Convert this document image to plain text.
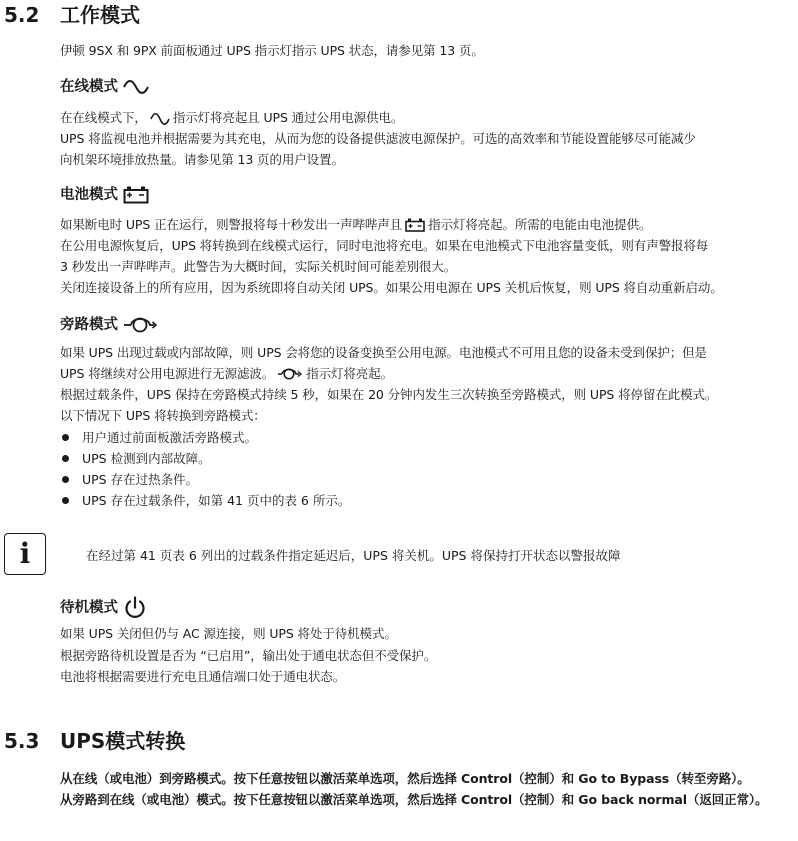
5.2 工作模式

伊顿 9SX 和 9PX 前面板通过 UPS 指示灯指示 UPS 状态，请参见第 13 页。

在线模式

在在线模式下， 指示灯将亮起且 UPS 通过公用电源供电。

UPS 将监视电池并根据需要为其充电，从而为您的设备提供滤波电源保护。可选的高效率和节能设置能够尽可能减少

向机架环境排放热量。请参见第 13 页的用户设置。

电池模式

如果断电时 UPS 正在运行，则警报将每十秒发出一声哔哔声且 指示灯将亮起。所需的电能由电池提供。

在公用电源恢复后，UPS 将转换到在线模式运行，同时电池将充电。如果在电池模式下电池容量变低，则有声警报将每

3 秒发出一声哔哔声。此警告为大概时间，实际关机时间可能差别很大。

关闭连接设备上的所有应用，因为系统即将自动关闭 UPS。如果公用电源在 UPS 关机后恢复，则 UPS 将自动重新启动。

旁路模式

如果 UPS 出现过载或内部故障，则 UPS 会将您的设备变换至公用电源。电池模式不可用且您的设备未受到保护；但是

UPS 将继续对公用电源进行无源滤波。	指示灯将亮起。

根据过载条件，UPS 保持在旁路模式持续 5 秒，如果在 20 分钟内发生三次转换至旁路模式，则 UPS 将停留在此模式。

以下情况下 UPS 将转换到旁路模式：

用户通过前面板激活旁路模式。
UPS 检测到内部故障。
UPS 存在过热条件。
UPS 存在过载条件，如第 41 页中的表 6 所示。
i	在经过第 41 页表 6 列出的过载条件指定延迟后，UPS 将关机。UPS 将保持打开状态以警报故障

待机模式

如果 UPS 关闭但仍与 AC 源连接，则 UPS 将处于待机模式。

根据旁路待机设置是否为 “已启用”，输出处于通电状态但不受保护。

电池将根据需要进行充电且通信端口处于通电状态。

5.3 UPS模式转换

从在线（或电池）到旁路模式。按下任意按钮以激活菜单选项，然后选择 Control（控制）和 Go to Bypass（转至旁路）。

从旁路到在线（或电池）模式。按下任意按钮以激活菜单选项，然后选择 Control（控制）和 Go back normal（返回正常）。
